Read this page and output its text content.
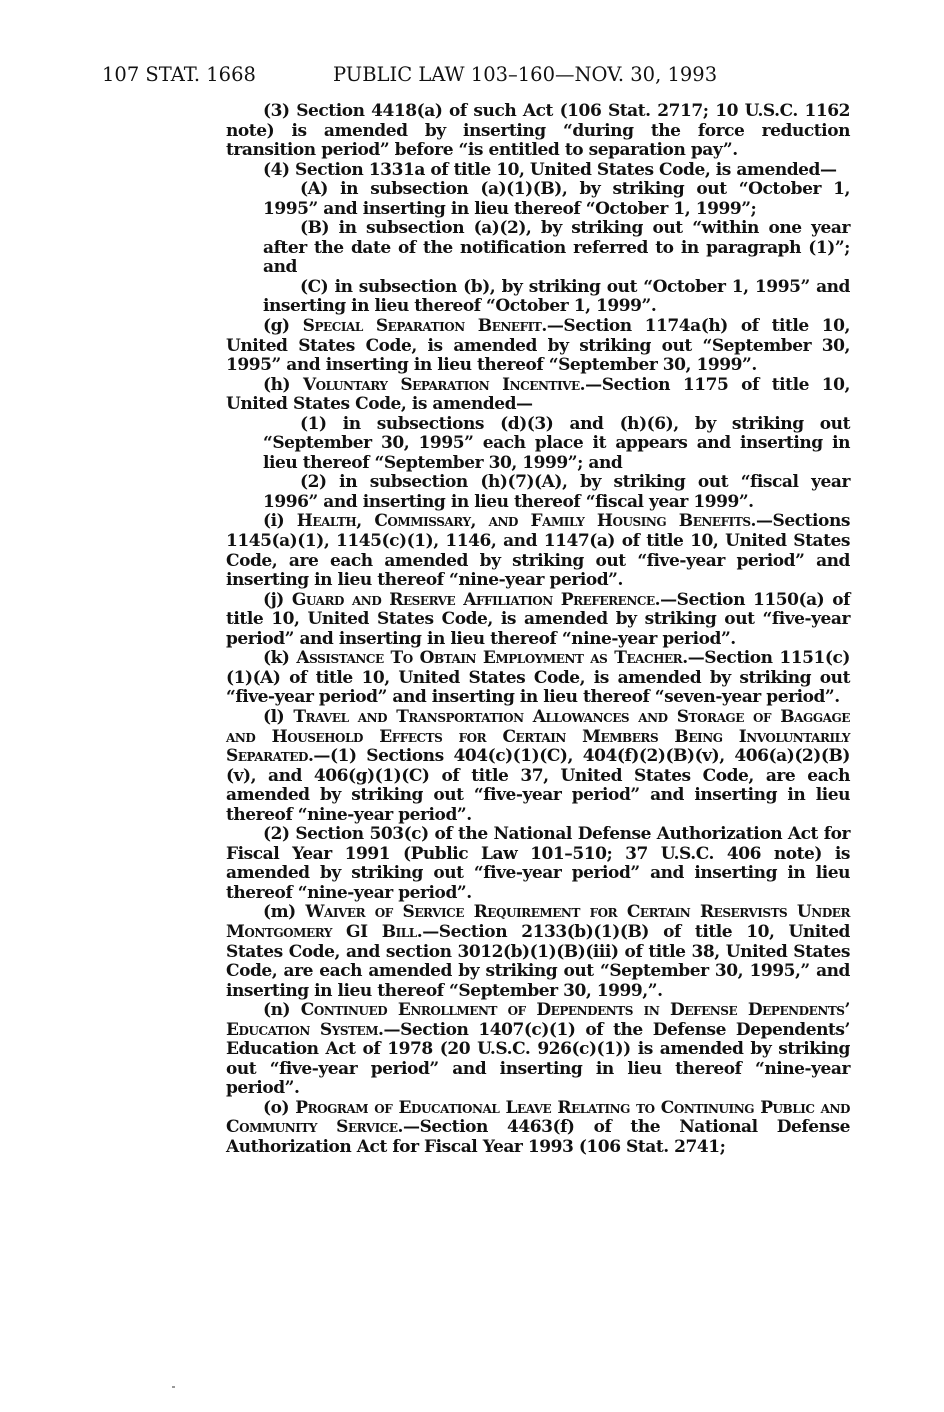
107 STAT. 1668	PUBLIC LAW 103–160—NOV. 30, 1993

(3) Section 4418(a) of such Act (106 Stat. 2717; 10 U.S.C. 1162 note) is amended by inserting “during the force reduction transition period” before “is entitled to separation pay”.

(4) Section 1331a of title 10, United States Code, is amended—

(A) in subsection (a)(1)(B), by striking out “October 1, 1995” and inserting in lieu thereof “October 1, 1999”;

(B) in subsection (a)(2), by striking out “within one year after the date of the notification referred to in paragraph (1)”; and

(C) in subsection (b), by striking out “October 1, 1995” and inserting in lieu thereof “October 1, 1999”.

(g) Special Separation Benefit.—Section 1174a(h) of title 10, United States Code, is amended by striking out “September 30, 1995” and inserting in lieu thereof “September 30, 1999”.

(h) Voluntary Separation Incentive.—Section 1175 of title 10, United States Code, is amended—

(1) in subsections (d)(3) and (h)(6), by striking out “September 30, 1995” each place it appears and inserting in lieu thereof “September 30, 1999”; and

(2) in subsection (h)(7)(A), by striking out “fiscal year 1996” and inserting in lieu thereof “fiscal year 1999”.

(i) Health, Commissary, and Family Housing Benefits.—Sections 1145(a)(1), 1145(c)(1), 1146, and 1147(a) of title 10, United States Code, are each amended by striking out “five-year period” and inserting in lieu thereof “nine-year period”.

(j) Guard and Reserve Affiliation Preference.—Section 1150(a) of title 10, United States Code, is amended by striking out “five-year period” and inserting in lieu thereof “nine-year period”.

(k) Assistance To Obtain Employment as Teacher.—Section 1151(c)(1)(A) of title 10, United States Code, is amended by striking out “five-year period” and inserting in lieu thereof “seven-year period”.

(l) Travel and Transportation Allowances and Storage of Baggage and Household Effects for Certain Members Being Involuntarily Separated.—(1) Sections 404(c)(1)(C), 404(f)(2)(B)(v), 406(a)(2)(B)(v), and 406(g)(1)(C) of title 37, United States Code, are each amended by striking out “five-year period” and inserting in lieu thereof “nine-year period”.

(2) Section 503(c) of the National Defense Authorization Act for Fiscal Year 1991 (Public Law 101–510; 37 U.S.C. 406 note) is amended by striking out “five-year period” and inserting in lieu thereof “nine-year period”.

(m) Waiver of Service Requirement for Certain Reservists Under Montgomery GI Bill.—Section 2133(b)(1)(B) of title 10, United States Code, and section 3012(b)(1)(B)(iii) of title 38, United States Code, are each amended by striking out “September 30, 1995,” and inserting in lieu thereof “September 30, 1999,”.

(n) Continued Enrollment of Dependents in Defense Dependents’ Education System.—Section 1407(c)(1) of the Defense Dependents’ Education Act of 1978 (20 U.S.C. 926(c)(1)) is amended by striking out “five-year period” and inserting in lieu thereof “nine-year period”.

(o) Program of Educational Leave Relating to Continuing Public and Community Service.—Section 4463(f) of the National Defense Authorization Act for Fiscal Year 1993 (106 Stat. 2741;
